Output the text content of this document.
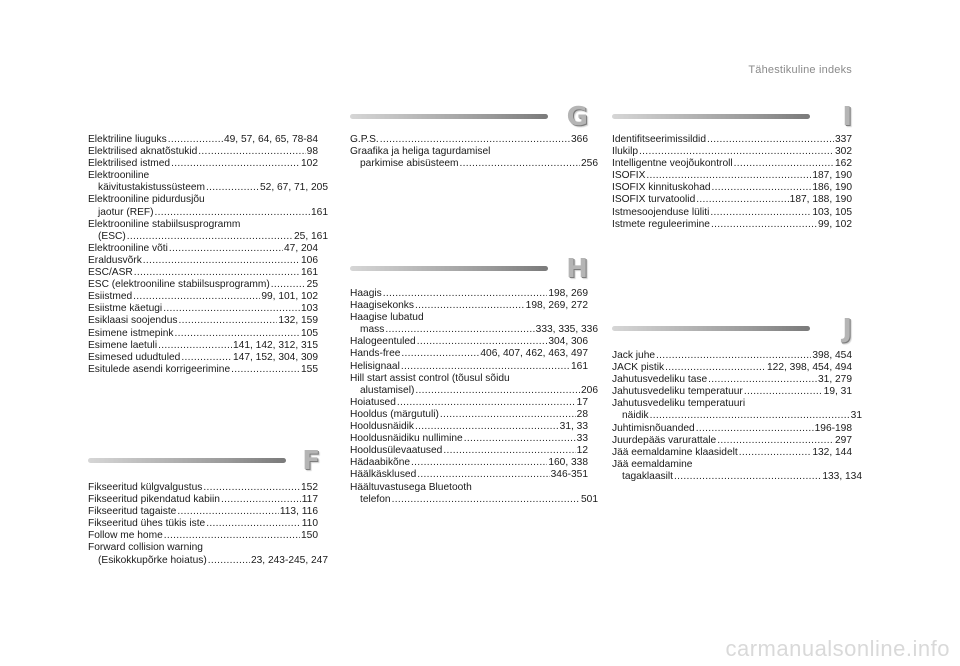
Tähestikuline indeks
Elektriline liuguks .....	49, 57, 64, 65, 78-84
Elektrilised aknatõstukid .....	98
Elektrilised istmed .....	102
Elektrooniline
käivitustakistussüsteem .....	52, 67, 71, 205
Elektrooniline pidurdusjõu
jaotur (REF) .....	161
Elektrooniline stabiilsusprogramm
(ESC) .....	25, 161
Elektrooniline võti .....	47, 204
Eraldusvõrk .....	106
ESC/ASR .....	161
ESC (elektrooniline stabiilsusprogramm) .....	25
Esiistmed .....	99, 101, 102
Esiistme käetugi .....	103
Esiklaasi soojendus .....	132, 159
Esimene istmepink .....	105
Esimene laetuli .....	141, 142, 312, 315
Esimesed ududtuled .....	147, 152, 304, 309
Esitulede asendi korrigeerimine .....	155
F
Fikseeritud külgvalgustus .....	152
Fikseeritud pikendatud kabiin .....	117
Fikseeritud tagaiste .....	113, 116
Fikseeritud ühes tükis iste .....	110
Follow me home .....	150
Forward collision warning
(Esikokkupõrke hoiatus) .....	23, 243-245, 247
G
G.P.S. .....	366
Graafika ja heliga tagurdamisel
parkimise abisüsteem .....	256
H
Haagis .....	198, 269
Haagisekonks .....	198, 269, 272
Haagise lubatud
mass .....	333, 335, 336
Halogeentuled .....	304, 306
Hands-free .....	406, 407, 462, 463, 497
Helisignaal .....	161
Hill start assist control (tõusul sõidu
alustamisel) .....	206
Hoiatused .....	17
Hooldus (märgutuli) .....	28
Hooldusnäidik .....	31, 33
Hooldusnäidiku nullimine .....	33
Hooldusülevaatused .....	12
Hädaabikõne .....	160, 338
Häälkäsklused .....	346-351
Häältuvastusega Bluetooth
telefon .....	501
I
Identifitseerimissildid .....	337
Ilukilp .....	302
Intelligentne veojõukontroll .....	162
ISOFIX .....	187, 190
ISOFIX kinnituskohad .....	186, 190
ISOFIX turvatoolid .....	187, 188, 190
Istmesoojenduse lüliti .....	103, 105
Istmete reguleerimine .....	99, 102
J
Jack juhe .....	398, 454
JACK pistik .....	122, 398, 454, 494
Jahutusvedeliku tase .....	31, 279
Jahutusvedeliku temperatuur .....	19, 31
Jahutusvedeliku temperatuuri
näidik .....	31
Juhtimisnõuanded .....	196-198
Juurdepääs varurattale .....	297
Jää eemaldamine klaasidelt .....	132, 144
Jää eemaldamine
tagaklaasilt .....	133, 134
carmanualsonline.info
